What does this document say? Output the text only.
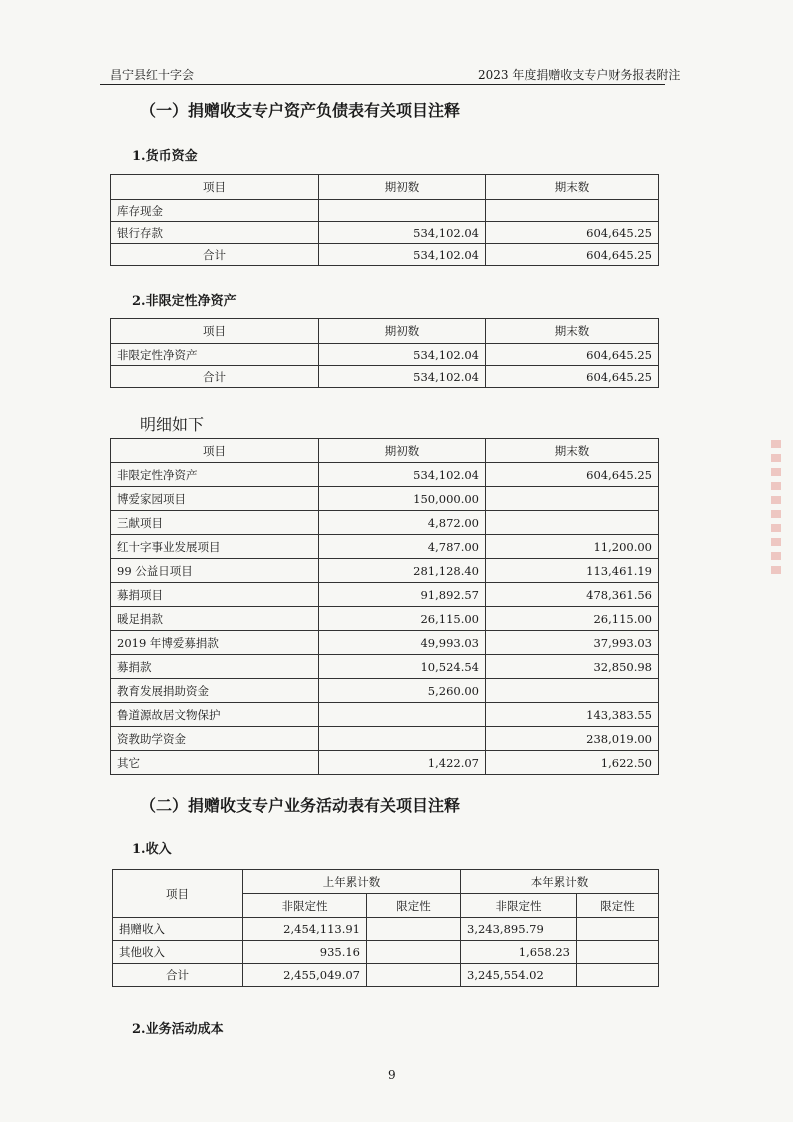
昌宁县红十字会	2023 年度捐赠收支专户财务报表附注
（一）捐赠收支专户资产负债表有关项目注释
1.货币资金
项目	期初数	期末数
库存现金		
银行存款	534,102.04	604,645.25
合计	534,102.04	604,645.25
2.非限定性净资产
项目	期初数	期末数
非限定性净资产	534,102.04	604,645.25
合计	534,102.04	604,645.25
明细如下
项目	期初数	期末数
非限定性净资产	534,102.04	604,645.25
博爱家园项目	150,000.00	
三献项目	4,872.00	
红十字事业发展项目	4,787.00	11,200.00
99 公益日项目	281,128.40	113,461.19
募捐项目	91,892.57	478,361.56
暖足捐款	26,115.00	26,115.00
2019 年博爱募捐款	49,993.03	37,993.03
募捐款	10,524.54	32,850.98
教育发展捐助资金	5,260.00	
鲁道源故居文物保护		143,383.55
资教助学资金		238,019.00
其它	1,422.07	1,622.50
（二）捐赠收支专户业务活动表有关项目注释
1.收入
项目	上年累计数		本年累计数	
	非限定性	限定性	非限定性	限定性
捐赠收入	2,454,113.91		3,243,895.79	
其他收入	935.16		1,658.23	
合计	2,455,049.07		3,245,554.02	
2.业务活动成本
9
